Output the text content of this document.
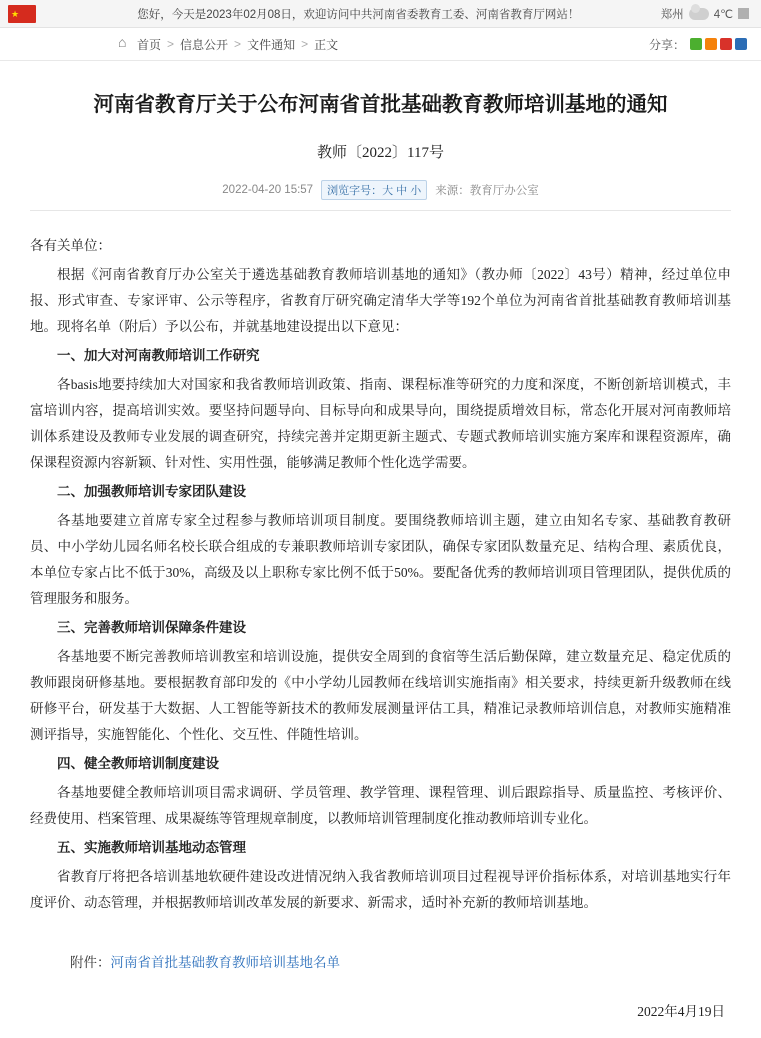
★
您好，今天是2023年02月08日，欢迎访问中共河南省委教育工委、河南省教育厅网站！	郑州	4℃
⌂
首页 > 信息公开 > 文件通知 > 正文	分享：
河南省教育厅关于公布河南省首批基础教育教师培训基地的通知
教师〔2022〕117号
2022-04-20 15:57	浏览字号：大 中 小	来源：教育厅办公室

各有关单位：

根据《河南省教育厅办公室关于遴选基础教育教师培训基地的通知》（教办师〔2022〕43号）精神，经过单位申报、形式审查、专家评审、公示等程序，省教育厅研究确定清华大学等192个单位为河南省首批基础教育教师培训基地。现将名单（附后）予以公布，并就基地建设提出以下意见：

一、加大对河南教师培训工作研究

各basis地要持续加大对国家和我省教师培训政策、指南、课程标准等研究的力度和深度，不断创新培训模式，丰富培训内容，提高培训实效。要坚持问题导向、目标导向和成果导向，围绕提质增效目标，常态化开展对河南教师培训体系建设及教师专业发展的调查研究，持续完善并定期更新主题式、专题式教师培训实施方案库和课程资源库，确保课程资源内容新颖、针对性、实用性强，能够满足教师个性化选学需要。

二、加强教师培训专家团队建设

各基地要建立首席专家全过程参与教师培训项目制度。要围绕教师培训主题，建立由知名专家、基础教育教研员、中小学幼儿园名师名校长联合组成的专兼职教师培训专家团队，确保专家团队数量充足、结构合理、素质优良，本单位专家占比不低于30%，高级及以上职称专家比例不低于50%。要配备优秀的教师培训项目管理团队，提供优质的管理服务和服务。

三、完善教师培训保障条件建设

各基地要不断完善教师培训教室和培训设施，提供安全周到的食宿等生活后勤保障，建立数量充足、稳定优质的教师跟岗研修基地。要根据教育部印发的《中小学幼儿园教师在线培训实施指南》相关要求，持续更新升级教师在线研修平台，研发基于大数据、人工智能等新技术的教师发展测量评估工具，精准记录教师培训信息，对教师实施精准测评指导，实施智能化、个性化、交互性、伴随性培训。

四、健全教师培训制度建设

各基地要健全教师培训项目需求调研、学员管理、教学管理、课程管理、训后跟踪指导、质量监控、考核评价、经费使用、档案管理、成果凝练等管理规章制度，以教师培训管理制度化推动教师培训专业化。

五、实施教师培训基地动态管理

省教育厅将把各培训基地软硬件建设改进情况纳入我省教师培训项目过程视导评价指标体系，对培训基地实行年度评价、动态管理，并根据教师培训改革发展的新要求、新需求，适时补充新的教师培训基地。

附件：河南省首批基础教育教师培训基地名单
2022年4月19日
